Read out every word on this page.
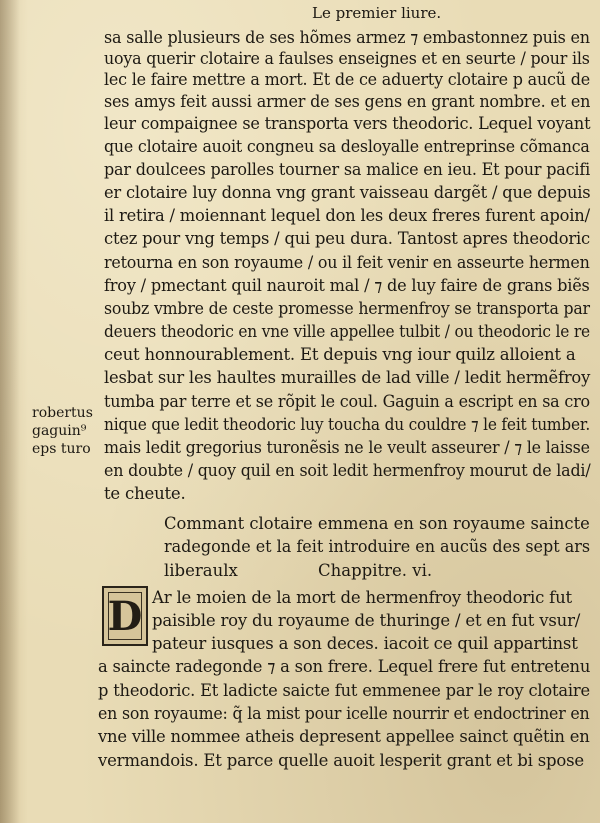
Le premier liure.
sa salle plusieurs de ses hõmes armez ⁊ embastonnez puis en
uoya querir clotaire a faulses enseignes et en seurte / pour ils
lec le faire mettre a mort. Et de ce aduerty clotaire p aucũ de
ses amys feit aussi armer de ses gens en grant nombre. et en
leur compaignee se transporta vers theodoric. Lequel voyant
que clotaire auoit congneu sa desloyalle entreprinse cõmanca
par doulcees parolles tourner sa malice en ieu. Et pour pacifi
er clotaire luy donna vng grant vaisseau dargẽt / que depuis
il retira / moiennant lequel don les deux freres furent apoin/
ctez pour vng temps / qui peu dura. Tantost apres theodoric
retourna en son royaume / ou il feit venir en asseurte hermen
froy / pmectant quil nauroit mal / ⁊ de luy faire de grans biẽs
soubz vmbre de ceste promesse hermenfroy se transporta par
deuers theodoric en vne ville appellee tulbit / ou theodoric le re
ceut honnourablement. Et depuis vng iour quilz alloient a
lesbat sur les haultes murailles de lad ville / ledit hermẽfroy
tumba par terre et se rõpit le coul. Gaguin a escript en sa cro
nique que ledit theodoric luy toucha du couldre ⁊ le feit tumber.
mais ledit gregorius turonẽsis ne le veult asseurer / ⁊ le laisse
en doubte / quoy quil en soit ledit hermenfroy mourut de ladi/
te cheute.
robertus
gaguin⁹
eps turo
Commant clotaire emmena en son royaume saincte
radegonde et la feit introduire en aucũs des sept ars
liberaulx	Chappitre. vi.
D Ar le moien de la mort de hermenfroy theodoric fut
paisible roy du royaume de thuringe / et en fut vsur/
pateur iusques a son deces. iacoit ce quil appartinst
a saincte radegonde ⁊ a son frere. Lequel frere fut entretenu
p theodoric. Et ladicte saicte fut emmenee par le roy clotaire
en son royaume: q̃ la mist pour icelle nourrir et endoctriner en
vne ville nommee atheis depresent appellee sainct quẽtin en
vermandois. Et parce quelle auoit lesperit grant et bi spose
